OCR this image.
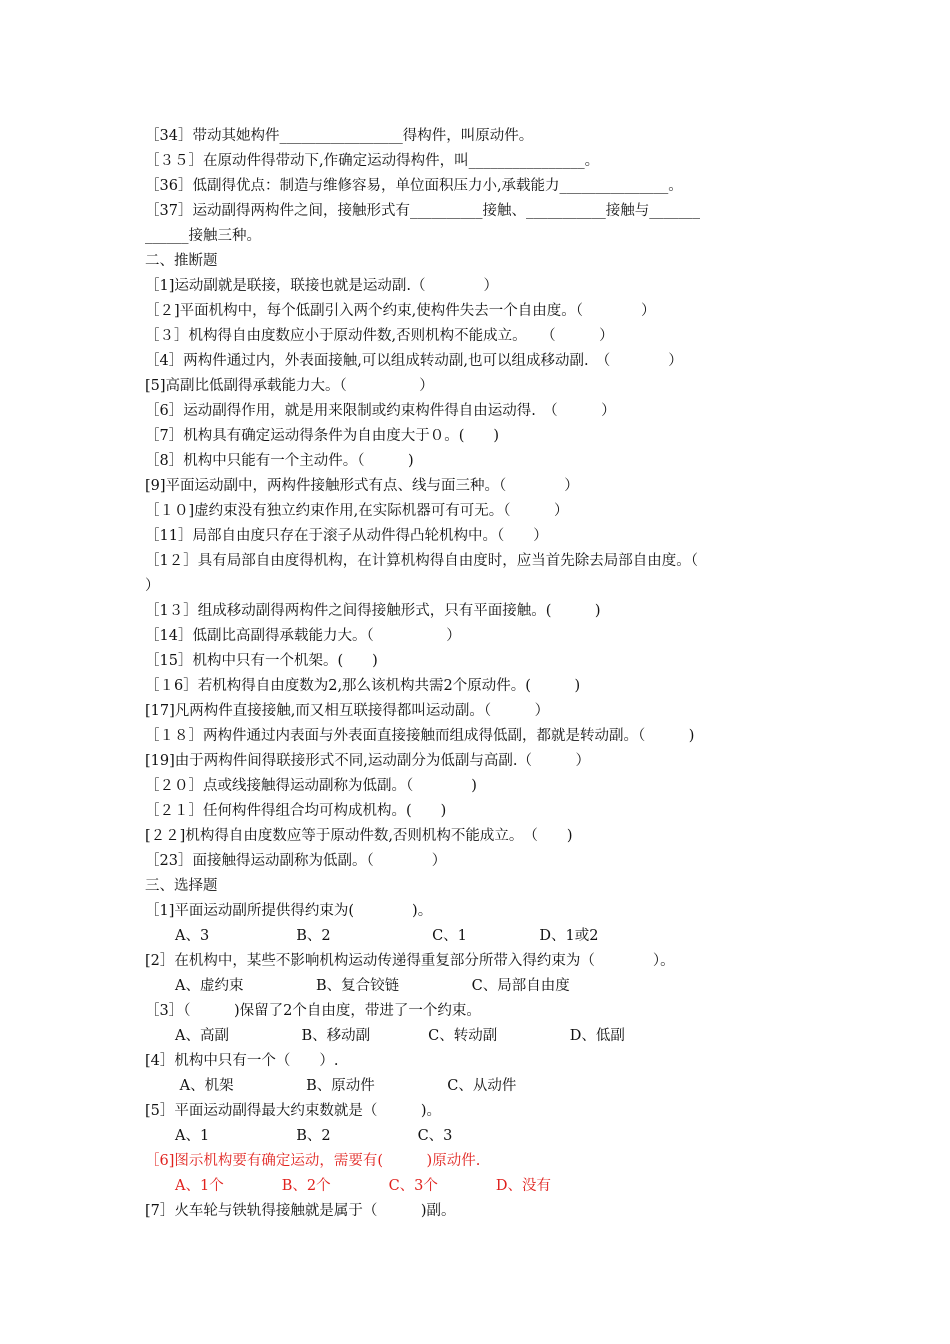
［34］带动其她构件_________________得构件，叫原动件。
［３５］在原动件得带动下,作确定运动得构件，叫________________。
［36］低副得优点：制造与维修容易，单位面积压力小,承载能力_______________。
［37］运动副得两构件之间，接触形式有__________接触、___________接触与_______
______接触三种。
二、推断题
［1]运动副就是联接，联接也就是运动副.（　　　　）
［２]平面机构中，每个低副引入两个约束,使构件失去一个自由度。（　　　　）
［３］机构得自由度数应小于原动件数,否则机构不能成立。　　（　　　）
［4］两构件通过内，外表面接触,可以组成转动副,也可以组成移动副.　（　　　　）
[5]高副比低副得承载能力大。（　　　　　）
［6］运动副得作用，就是用来限制或约束构件得自由运动得.　（　　　）
［7］机构具有确定运动得条件为自由度大于０。(　　)
［8］机构中只能有一个主动件。（　　　)
[9]平面运动副中，两构件接触形式有点、线与面三种。（　　　　）
［１０]虚约束没有独立约束作用,在实际机器可有可无。（　　　）
［11］局部自由度只存在于滚子从动件得凸轮机构中。（　　）
［1２］具有局部自由度得机构，在计算机构得自由度时，应当首先除去局部自由度。（
）
［1３］组成移动副得两构件之间得接触形式，只有平面接触。(　　　)
［14］低副比高副得承载能力大。（　　　　　）
［15］机构中只有一个机架。(　　)
［１6］若机构得自由度数为2,那么该机构共需2个原动件。(　　　)
[17]凡两构件直接接触,而又相互联接得都叫运动副。（　　　）
［１８］两构件通过内表面与外表面直接接触而组成得低副，都就是转动副。（　　　)
[19]由于两构件间得联接形式不同,运动副分为低副与高副.（　　　）
［２０］点或线接触得运动副称为低副。（　　　　)
［２１］任何构件得组合均可构成机构。(　　)
[２２]机构得自由度数应等于原动件数,否则机构不能成立。　（　　)
［23］面接触得运动副称为低副。（　　　　）
三、选择题
［1]平面运动副所提供得约束为(　　　　)。
A、3　　　　　　B、2　　　　　　　C、1　　　　　D、1或2
[2］在机构中，某些不影响机构运动传递得重复部分所带入得约束为（　　　　）。
A、虚约束　　　　　B、复合铰链　　　　　C、局部自由度
［3］（　　　)保留了2个自由度，带进了一个约束。
A、高副　　　　　B、移动副　　　　C、转动副　　　　　D、低副
[4］机构中只有一个（　　）.
A、机架　　　　　B、原动件　　　　　C、从动件
[5］平面运动副得最大约束数就是（　　　)。
A、1　　　　　　B、2　　　　　　C、3
［6]图示机构要有确定运动，需要有(　　　)原动件.
A、1个　　　　B、2个　　　　C、3个　　　　D、没有
[7］火车轮与铁轨得接触就是属于（　　　)副。
